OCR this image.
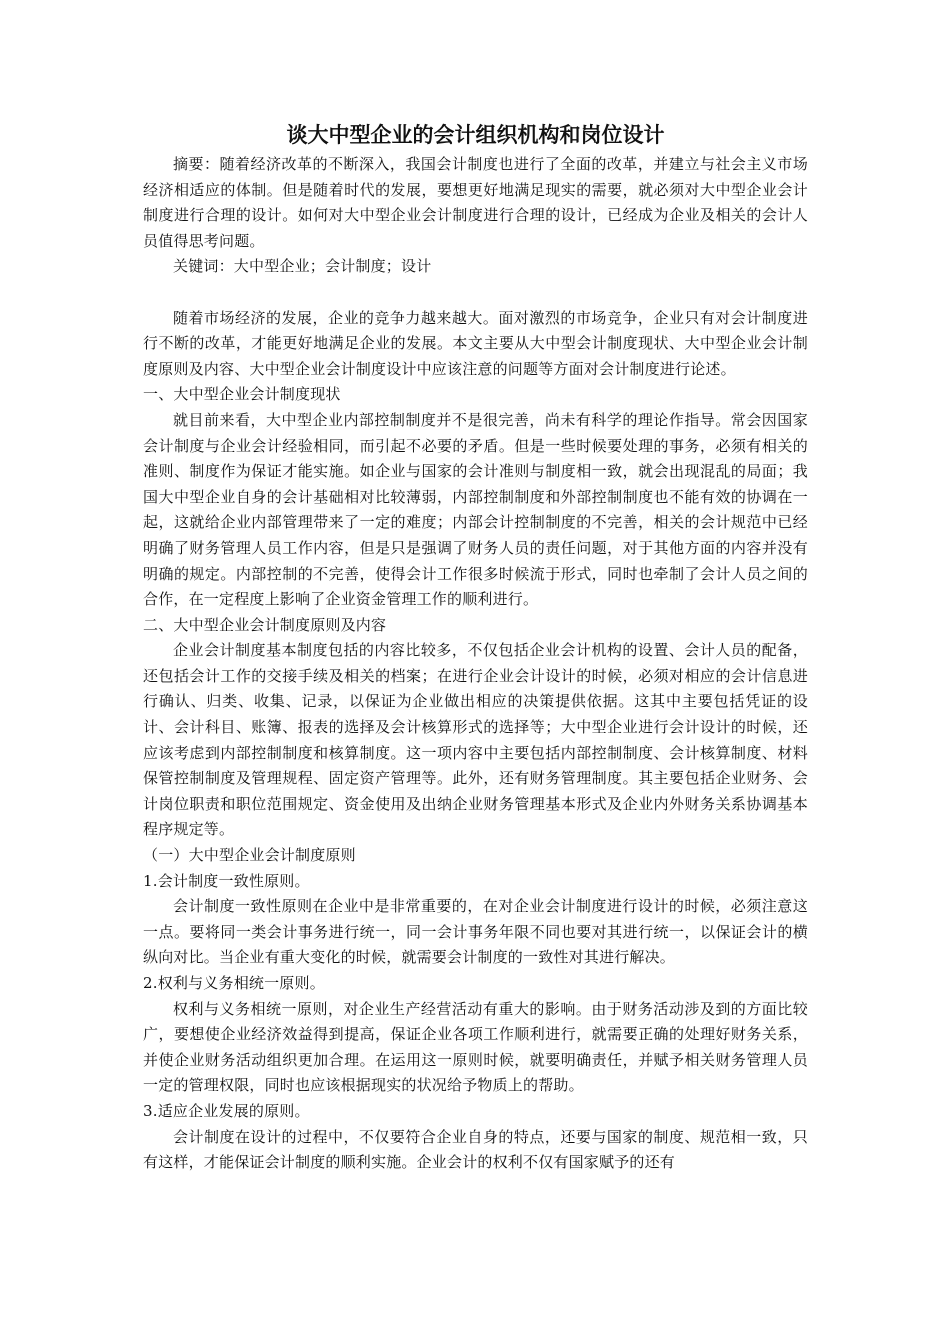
谈大中型企业的会计组织机构和岗位设计

摘要：随着经济改革的不断深入，我国会计制度也进行了全面的改革，并建立与社会主义市场经济相适应的体制。但是随着时代的发展，要想更好地满足现实的需要，就必须对大中型企业会计制度进行合理的设计。如何对大中型企业会计制度进行合理的设计，已经成为企业及相关的会计人员值得思考问题。

关键词：大中型企业；会计制度；设计

随着市场经济的发展，企业的竞争力越来越大。面对激烈的市场竞争，企业只有对会计制度进行不断的改革，才能更好地满足企业的发展。本文主要从大中型会计制度现状、大中型企业会计制度原则及内容、大中型企业会计制度设计中应该注意的问题等方面对会计制度进行论述。

一、大中型企业会计制度现状

就目前来看，大中型企业内部控制制度并不是很完善，尚未有科学的理论作指导。常会因国家会计制度与企业会计经验相同，而引起不必要的矛盾。但是一些时候要处理的事务，必须有相关的准则、制度作为保证才能实施。如企业与国家的会计准则与制度相一致，就会出现混乱的局面；我国大中型企业自身的会计基础相对比较薄弱，内部控制制度和外部控制制度也不能有效的协调在一起，这就给企业内部管理带来了一定的难度；内部会计控制制度的不完善，相关的会计规范中已经明确了财务管理人员工作内容，但是只是强调了财务人员的责任问题，对于其他方面的内容并没有明确的规定。内部控制的不完善，使得会计工作很多时候流于形式，同时也牵制了会计人员之间的合作，在一定程度上影响了企业资金管理工作的顺利进行。

二、大中型企业会计制度原则及内容

企业会计制度基本制度包括的内容比较多，不仅包括企业会计机构的设置、会计人员的配备，还包括会计工作的交接手续及相关的档案；在进行企业会计设计的时候，必须对相应的会计信息进行确认、归类、收集、记录，以保证为企业做出相应的决策提供依据。这其中主要包括凭证的设计、会计科目、账簿、报表的选择及会计核算形式的选择等；大中型企业进行会计设计的时候，还应该考虑到内部控制制度和核算制度。这一项内容中主要包括内部控制制度、会计核算制度、材料保管控制制度及管理规程、固定资产管理等。此外，还有财务管理制度。其主要包括企业财务、会计岗位职责和职位范围规定、资金使用及出纳企业财务管理基本形式及企业内外财务关系协调基本程序规定等。

（一）大中型企业会计制度原则

1.会计制度一致性原则。

会计制度一致性原则在企业中是非常重要的，在对企业会计制度进行设计的时候，必须注意这一点。要将同一类会计事务进行统一，同一会计事务年限不同也要对其进行统一，以保证会计的横纵向对比。当企业有重大变化的时候，就需要会计制度的一致性对其进行解决。

2.权利与义务相统一原则。

权利与义务相统一原则，对企业生产经营活动有重大的影响。由于财务活动涉及到的方面比较广，要想使企业经济效益得到提高，保证企业各项工作顺利进行，就需要正确的处理好财务关系，并使企业财务活动组织更加合理。在运用这一原则时候，就要明确责任，并赋予相关财务管理人员一定的管理权限，同时也应该根据现实的状况给予物质上的帮助。

3.适应企业发展的原则。

会计制度在设计的过程中，不仅要符合企业自身的特点，还要与国家的制度、规范相一致，只有这样，才能保证会计制度的顺利实施。企业会计的权利不仅有国家赋予的还有
